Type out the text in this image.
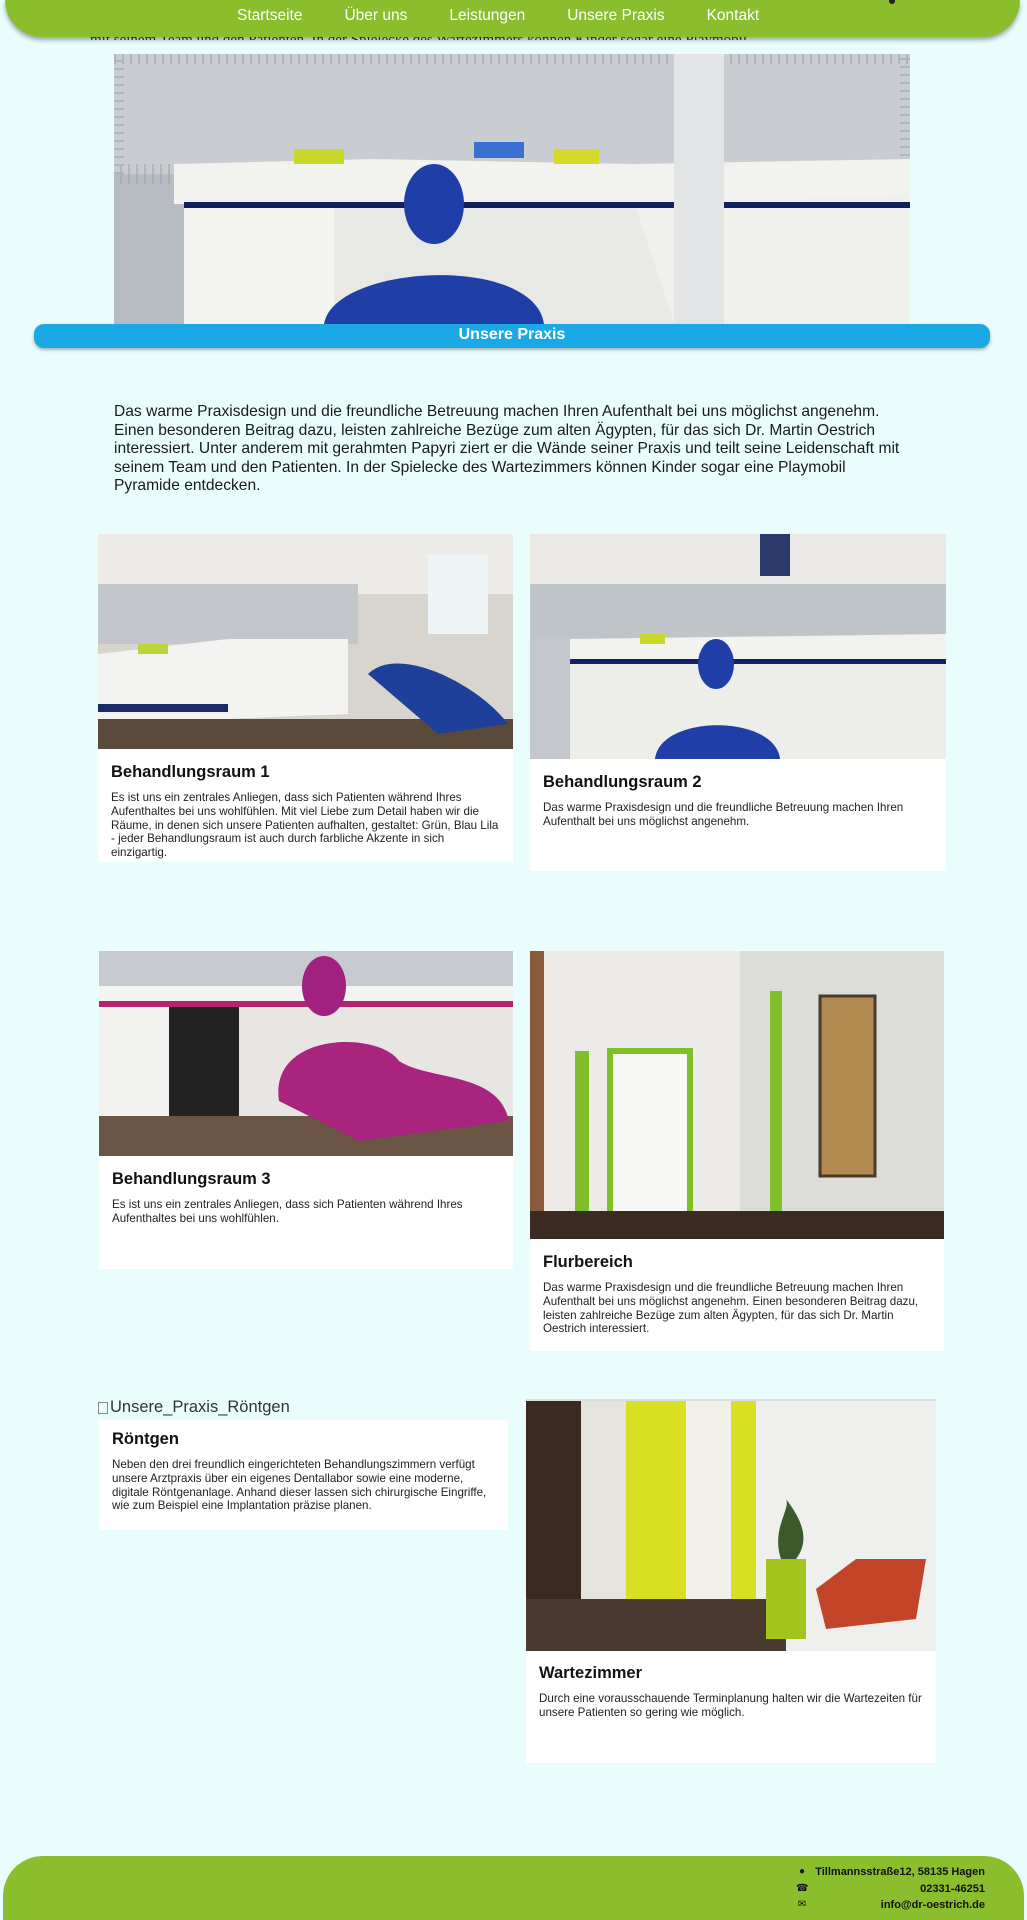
Startseite	Über uns	Leistungen	Unsere Praxis	Kontakt
Unsere Praxis

Das warme Praxisdesign und die freundliche Betreuung machen Ihren Aufenthalt bei uns möglichst angenehm. Einen besonderen Beitrag dazu, leisten zahlreiche Bezüge zum alten Ägypten, für das sich Dr. Martin Oestrich interessiert. Unter anderem mit gerahmten Papyri ziert er die Wände seiner Praxis und teilt seine Leidenschaft mit seinem Team und den Patienten. In der Spielecke des Wartezimmers können Kinder sogar eine Playmobil Pyramide entdecken.

Behandlungsraum 1

Es ist uns ein zentrales Anliegen, dass sich Patienten während Ihres Aufenthaltes bei uns wohlfühlen. Mit viel Liebe zum Detail haben wir die Räume, in denen sich unsere Patienten aufhalten, gestaltet: Grün, Blau Lila - jeder Behandlungsraum ist auch durch farbliche Akzente in sich einzigartig.

Behandlungsraum 2

Das warme Praxisdesign und die freundliche Betreuung machen Ihren Aufenthalt bei uns möglichst angenehm.

Behandlungsraum 3

Es ist uns ein zentrales Anliegen, dass sich Patienten während Ihres Aufenthaltes bei uns wohlfühlen.

Flurbereich

Das warme Praxisdesign und die freundliche Betreuung machen Ihren Aufenthalt bei uns möglichst angenehm. Einen besonderen Beitrag dazu, leisten zahlreiche Bezüge zum alten Ägypten, für das sich Dr. Martin Oestrich interessiert.

Unsere_Praxis_Röntgen
Röntgen

Neben den drei freundlich eingerichteten Behandlungszimmern verfügt unsere Arztpraxis über ein eigenes Dentallabor sowie eine moderne, digitale Röntgenanlage. Anhand dieser lassen sich chirurgische Eingriffe, wie zum Beispiel eine Implantation präzise planen.

Wartezimmer

Durch eine vorausschauende Terminplanung halten wir die Wartezeiten für unsere Patienten so gering wie möglich.

● Tillmannsstraße12, 58135 Hagen
☎	02331-46251
✉	info@dr-oestrich.de
